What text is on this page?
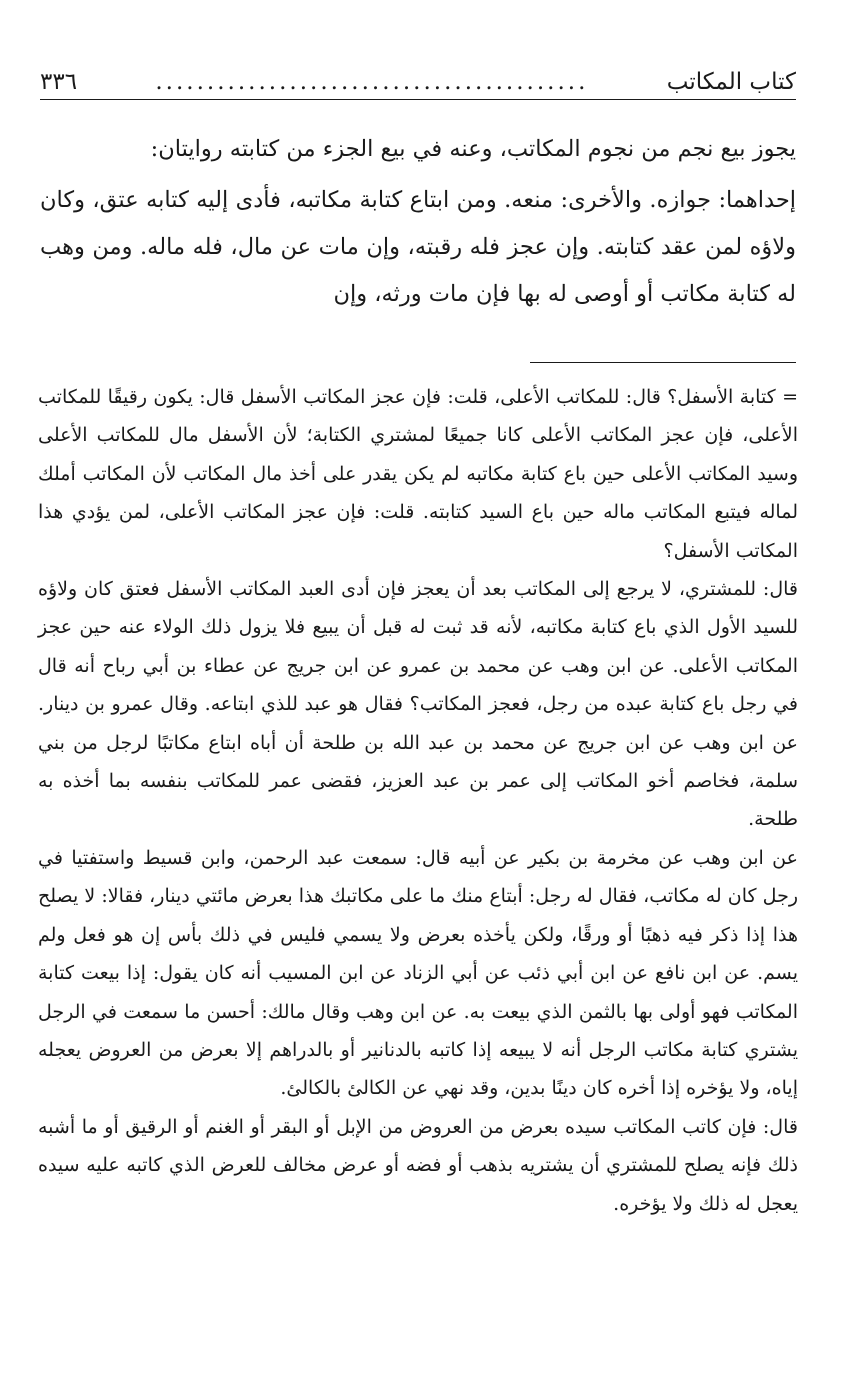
كتاب المكاتب
..........................................
٣٣٦

يجوز بيع نجم من نجوم المكاتب، وعنه في بيع الجزء من كتابته روايتان:

إحداهما: جوازه. والأخرى: منعه. ومن ابتاع كتابة مكاتبه، فأدى إليه كتابه عتق، وكان ولاؤه لمن عقد كتابته. وإن عجز فله رقبته، وإن مات عن مال، فله ماله. ومن وهب له كتابة مكاتب أو أوصى له بها فإن مات ورثه، وإن

= كتابة الأسفل؟ قال: للمكاتب الأعلى، قلت: فإن عجز المكاتب الأسفل قال: يكون رقيقًا للمكاتب الأعلى، فإن عجز المكاتب الأعلى كانا جميعًا لمشتري الكتابة؛ لأن الأسفل مال للمكاتب الأعلى وسيد المكاتب الأعلى حين باع كتابة مكاتبه لم يكن يقدر على أخذ مال المكاتب لأن المكاتب أملك لماله فيتبع المكاتب ماله حين باع السيد كتابته. قلت: فإن عجز المكاتب الأعلى، لمن يؤدي هذا المكاتب الأسفل؟

قال: للمشتري، لا يرجع إلى المكاتب بعد أن يعجز فإن أدى العبد المكاتب الأسفل فعتق كان ولاؤه للسيد الأول الذي باع كتابة مكاتبه، لأنه قد ثبت له قبل أن يبيع فلا يزول ذلك الولاء عنه حين عجز المكاتب الأعلى. عن ابن وهب عن محمد بن عمرو عن ابن جريج عن عطاء بن أبي رباح أنه قال في رجل باع كتابة عبده من رجل، فعجز المكاتب؟ فقال هو عبد للذي ابتاعه. وقال عمرو بن دينار. عن ابن وهب عن ابن جريج عن محمد بن عبد الله بن طلحة أن أباه ابتاع مكاتبًا لرجل من بني سلمة، فخاصم أخو المكاتب إلى عمر بن عبد العزيز، فقضى عمر للمكاتب بنفسه بما أخذه به طلحة.

عن ابن وهب عن مخرمة بن بكير عن أبيه قال: سمعت عبد الرحمن، وابن قسيط واستفتيا في رجل كان له مكاتب، فقال له رجل: أبتاع منك ما على مكاتبك هذا بعرض مائتي دينار، فقالا: لا يصلح هذا إذا ذكر فيه ذهبًا أو ورقًا، ولكن يأخذه بعرض ولا يسمي فليس في ذلك بأس إن هو فعل ولم يسم. عن ابن نافع عن ابن أبي ذئب عن أبي الزناد عن ابن المسيب أنه كان يقول: إذا بيعت كتابة المكاتب فهو أولى بها بالثمن الذي بيعت به. عن ابن وهب وقال مالك: أحسن ما سمعت في الرجل يشتري كتابة مكاتب الرجل أنه لا يبيعه إذا كاتبه بالدنانير أو بالدراهم إلا بعرض من العروض يعجله إياه، ولا يؤخره إذا أخره كان دينًا بدين، وقد نهي عن الكالئ بالكالئ.

قال: فإن كاتب المكاتب سيده بعرض من العروض من الإبل أو البقر أو الغنم أو الرقيق أو ما أشبه ذلك فإنه يصلح للمشتري أن يشتريه بذهب أو فضه أو عرض مخالف للعرض الذي كاتبه عليه سيده يعجل له ذلك ولا يؤخره.
